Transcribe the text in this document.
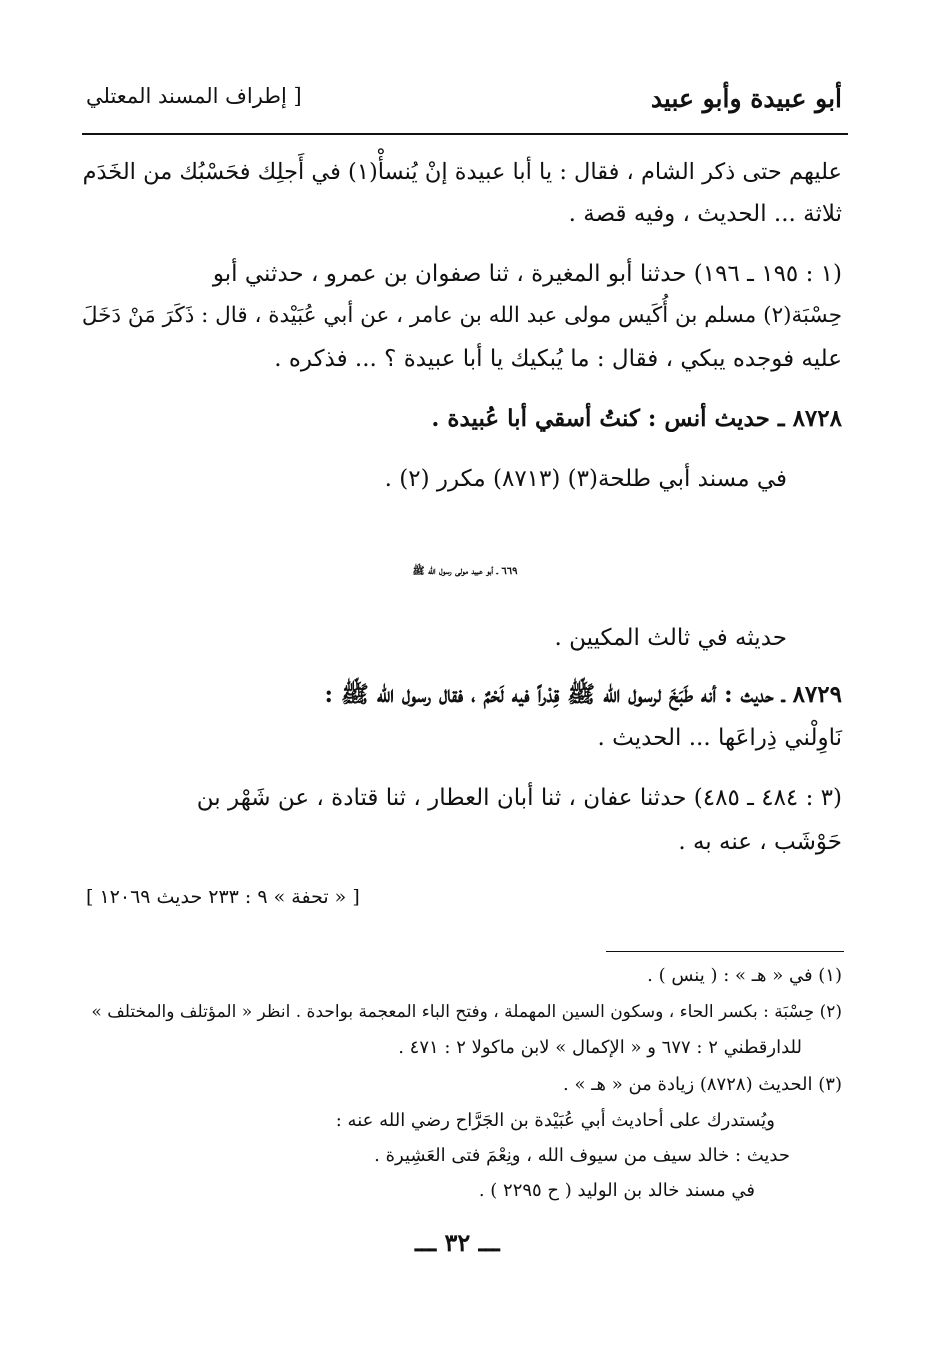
أبو عبيدة وأبو عبيد
[ إطراف المسند المعتلي
عليهم حتى ذكر الشام ، فقال : يا أبا عبيدة إنْ يُنسأْ(١) في أَجلِك فحَسْبُك من الخَدَم
ثلاثة ... الحديث ، وفيه قصة .
(١ : ١٩٥ ـ ١٩٦) حدثنا أبو المغيرة ، ثنا صفوان بن عمرو ، حدثني أبو
حِسْبَة(٢) مسلم بن أُكَيس مولى عبد الله بن عامر ، عن أبي عُبَيْدة ، قال : ذَكَرَ مَنْ دَخَلَ
عليه فوجده يبكي ، فقال : ما يُبكيك يا أبا عبيدة ؟ ... فذكره .
٨٧٢٨ ـ حديث أنس : كنتُ أسقي أبا عُبيدة .
في مسند أبي طلحة(٣) (٨٧١٣) مكرر (٢) .
٦٦٩ ـ أبو عبيد مولى رسول الله ﷺ
حديثه في ثالث المكيين .
٨٧٢٩ ـ حديث : أنه طَبَخَ لرسول الله ﷺ قِدْراً فيه لَحْمٌ ، فقال رسول الله ﷺ :
نَاوِلْني ذِراعَها ... الحديث .
(٣ : ٤٨٤ ـ ٤٨٥) حدثنا عفان ، ثنا أبان العطار ، ثنا قتادة ، عن شَهْر بن
حَوْشَب ، عنه به .
[ « تحفة » ٩ : ٢٣٣ حديث ١٢٠٦٩ ]
(١) في « هـ » : ( ينس ) .
(٢) حِسْبَة : بكسر الحاء ، وسكون السين المهملة ، وفتح الباء المعجمة بواحدة . انظر « المؤتلف والمختلف »
للدارقطني ٢ : ٦٧٧ و « الإكمال » لابن ماكولا ٢ : ٤٧١ .
(٣) الحديث (٨٧٢٨) زيادة من « هـ » .
ويُستدرك على أحاديث أبي عُبَيْدة بن الجَرَّاح رضي الله عنه :
حديث : خالد سيف من سيوف الله ، ونِعْمَ فتى العَشِيرة .
في مسند خالد بن الوليد ( ح ٢٢٩٥ ) .
ـــ ٣٢ ـــ
